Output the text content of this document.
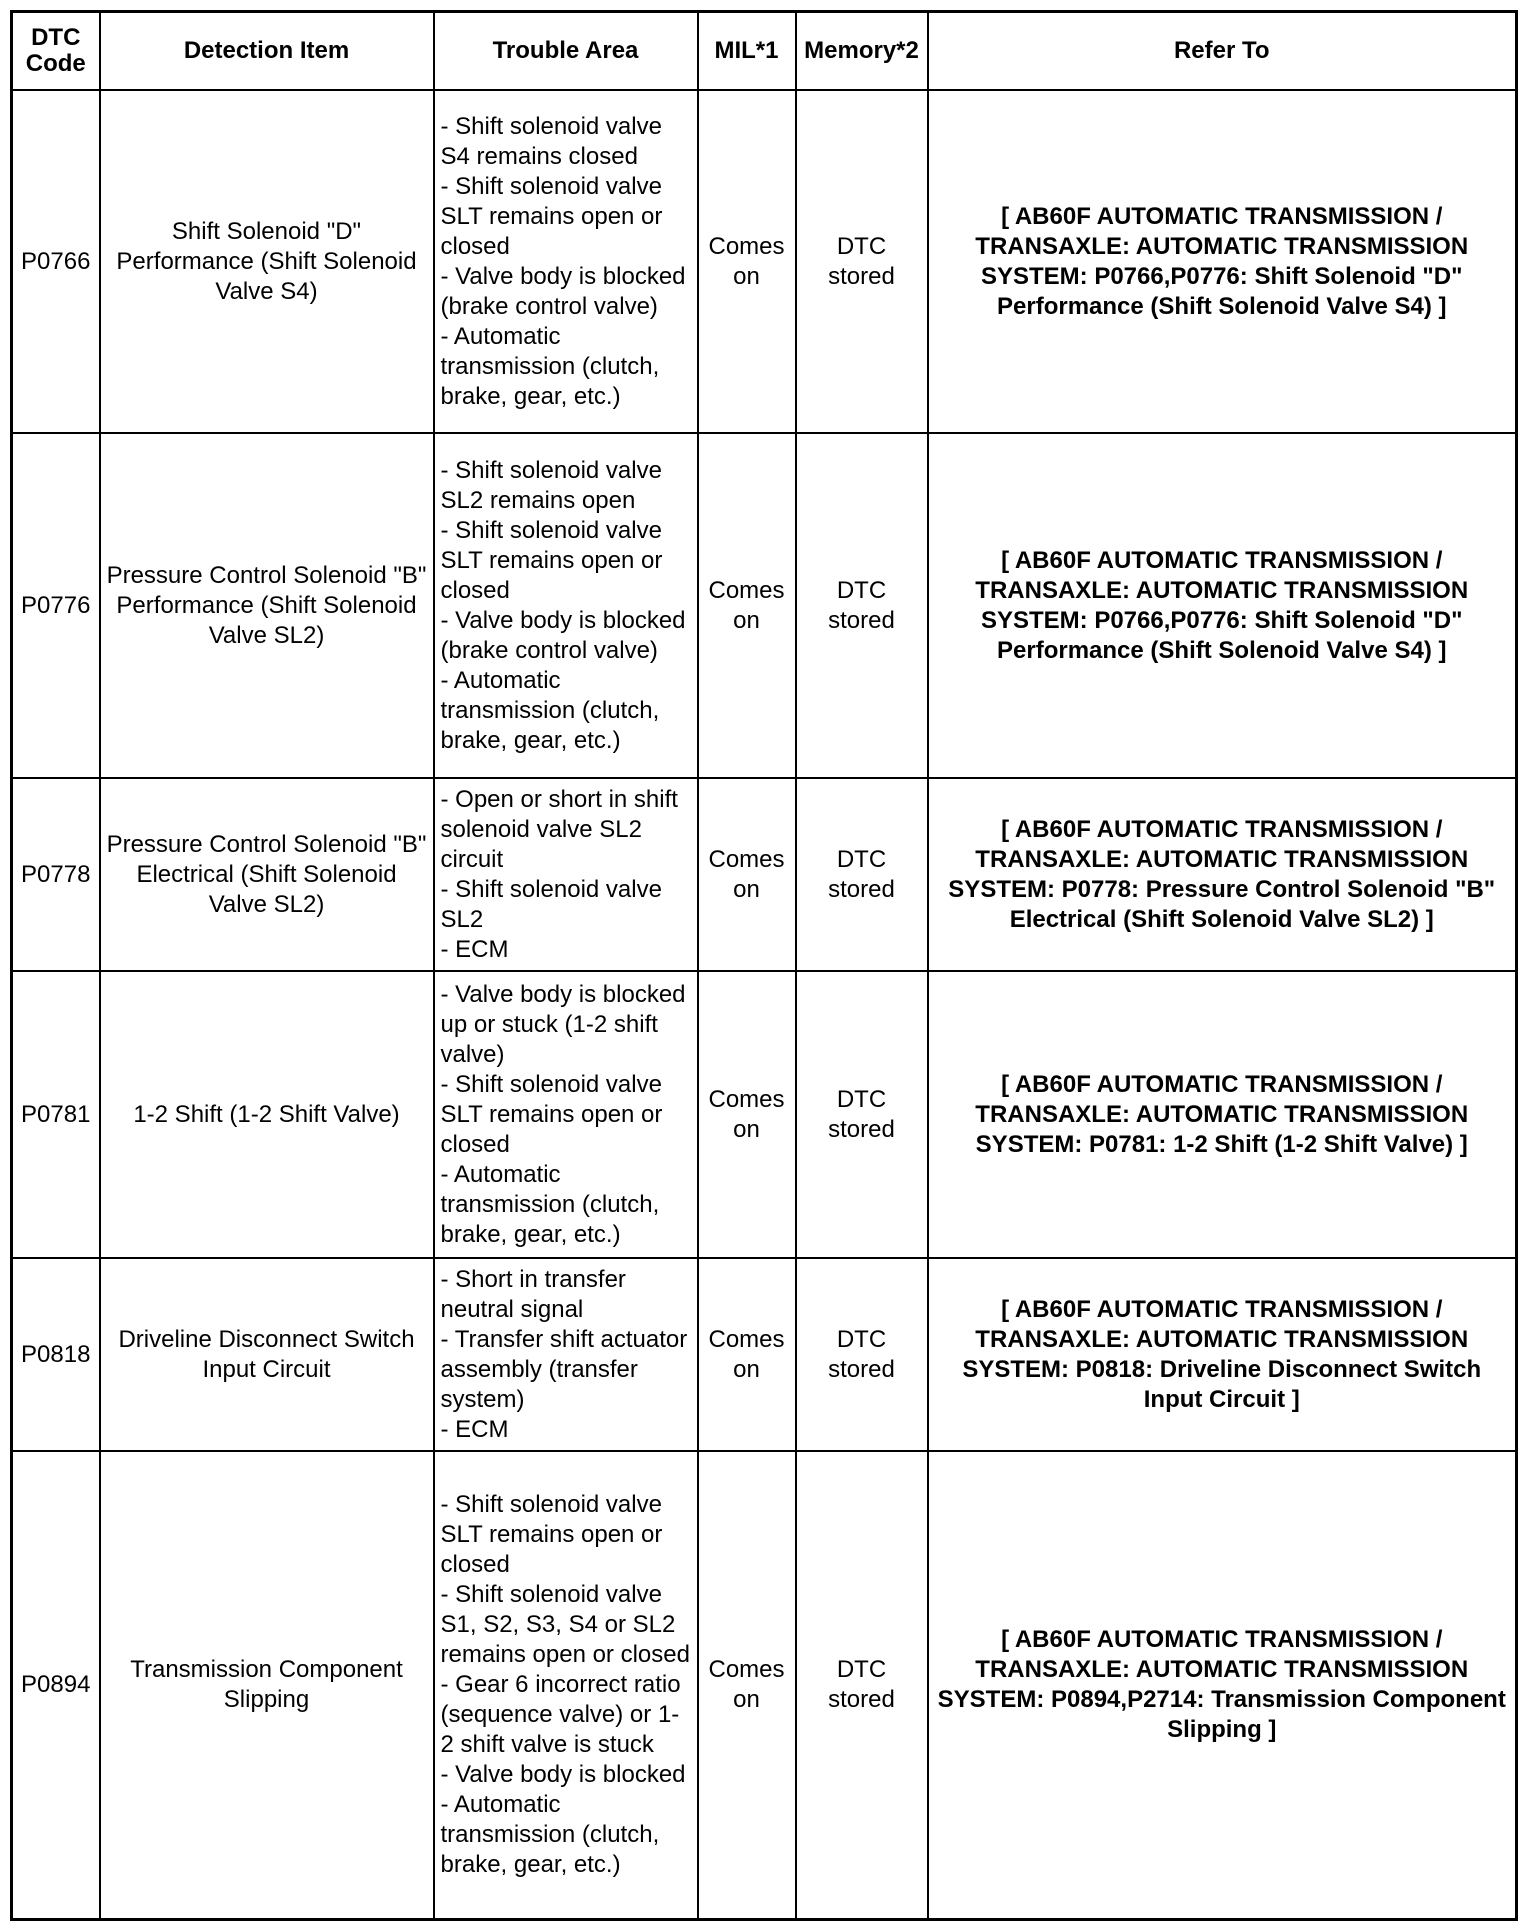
DTC
Code	Detection Item	Trouble Area	MIL*1	Memory*2	Refer To
P0766	Shift Solenoid "D" Performance (Shift Solenoid Valve S4)	- Shift solenoid valve S4 remains closed
- Shift solenoid valve SLT remains open or closed
- Valve body is blocked (brake control valve)
- Automatic transmission (clutch, brake, gear, etc.)	Comes on	DTC stored	[ AB60F AUTOMATIC TRANSMISSION / TRANSAXLE: AUTOMATIC TRANSMISSION SYSTEM: P0766,P0776: Shift Solenoid "D" Performance (Shift Solenoid Valve S4) ]
P0776	Pressure Control Solenoid "B" Performance (Shift Solenoid Valve SL2)	- Shift solenoid valve SL2 remains open
- Shift solenoid valve SLT remains open or closed
- Valve body is blocked (brake control valve)
- Automatic transmission (clutch, brake, gear, etc.)	Comes on	DTC stored	[ AB60F AUTOMATIC TRANSMISSION / TRANSAXLE: AUTOMATIC TRANSMISSION SYSTEM: P0766,P0776: Shift Solenoid "D" Performance (Shift Solenoid Valve S4) ]
P0778	Pressure Control Solenoid "B" Electrical (Shift Solenoid Valve SL2)	- Open or short in shift solenoid valve SL2 circuit
- Shift solenoid valve SL2
- ECM	Comes on	DTC stored	[ AB60F AUTOMATIC TRANSMISSION / TRANSAXLE: AUTOMATIC TRANSMISSION SYSTEM: P0778: Pressure Control Solenoid "B" Electrical (Shift Solenoid Valve SL2) ]
P0781	1-2 Shift (1-2 Shift Valve)	- Valve body is blocked up or stuck (1-2 shift valve)
- Shift solenoid valve SLT remains open or closed
- Automatic transmission (clutch, brake, gear, etc.)	Comes on	DTC stored	[ AB60F AUTOMATIC TRANSMISSION / TRANSAXLE: AUTOMATIC TRANSMISSION SYSTEM: P0781: 1-2 Shift (1-2 Shift Valve) ]
P0818	Driveline Disconnect Switch Input Circuit	- Short in transfer neutral signal
- Transfer shift actuator assembly (transfer system)
- ECM	Comes on	DTC stored	[ AB60F AUTOMATIC TRANSMISSION / TRANSAXLE: AUTOMATIC TRANSMISSION SYSTEM: P0818: Driveline Disconnect Switch Input Circuit ]
P0894	Transmission Component Slipping	- Shift solenoid valve SLT remains open or closed
- Shift solenoid valve S1, S2, S3, S4 or SL2 remains open or closed
- Gear 6 incorrect ratio (sequence valve) or 1-2 shift valve is stuck
- Valve body is blocked
- Automatic transmission (clutch, brake, gear, etc.)	Comes on	DTC stored	[ AB60F AUTOMATIC TRANSMISSION / TRANSAXLE: AUTOMATIC TRANSMISSION SYSTEM: P0894,P2714: Transmission Component Slipping ]
